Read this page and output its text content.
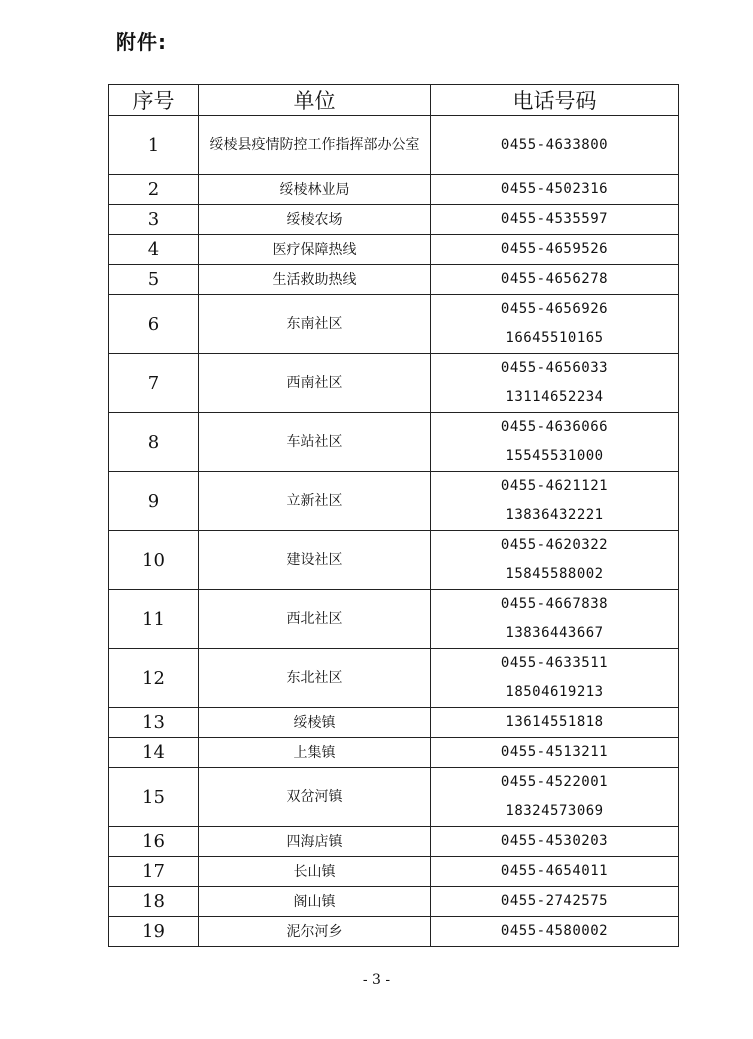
附件:
序号	单位	电话号码
1	绥棱县疫情防控工作指挥部办公室	0455-4633800

2	绥棱林业局	0455-4502316

3	绥棱农场	0455-4535597

4	医疗保障热线	0455-4659526

5	生活救助热线	0455-4656278

6	东南社区	0455-4656926
16645510165

7	西南社区	0455-4656033
13114652234

8	车站社区	0455-4636066
15545531000

9	立新社区	0455-4621121
13836432221

10	建设社区	0455-4620322
15845588002

11	西北社区	0455-4667838
13836443667

12	东北社区	0455-4633511
18504619213

13	绥棱镇	13614551818

14	上集镇	0455-4513211

15	双岔河镇	0455-4522001
18324573069

16	四海店镇	0455-4530203

17	长山镇	0455-4654011

18	阁山镇	0455-2742575

19	泥尔河乡	0455-4580002
- 3 -
